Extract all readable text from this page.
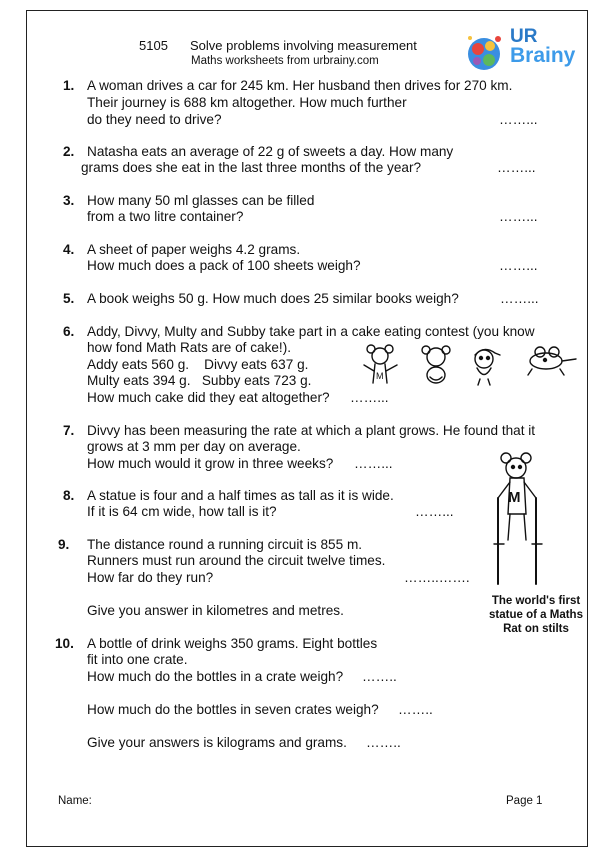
5105 Solve problems involving measurement
Maths worksheets from urbrainy.com
UR
Brainy
1. A woman drives a car for 245 km. Her husband then drives for 270 km.
Their journey is 688 km altogether. How much further
do they need to drive?	……...
2. Natasha eats an average of 22 g of sweets a day. How many
grams does she eat in the last three months of the year?	……...
3. How many 50 ml glasses can be filled
from a two litre container?	……...
4. A sheet of paper weighs 4.2 grams.
How much does a pack of 100 sheets weigh?	……...
5. A book weighs 50 g. How much does 25 similar books weigh?	……...
6. Addy, Divvy, Multy and Subby take part in a cake eating contest (you know
how fond Math Rats are of cake!).
Addy eats 560 g.    Divvy eats 637 g.
Multy eats 394 g.   Subby eats 723 g.
How much cake did they eat altogether? ……...
M
7. Divvy has been measuring the rate at which a plant grows. He found that it
grows at 3 mm per day on average.
How much would it grow in three weeks? ……...
8. A statue is four and a half times as tall as it is wide.
If it is 64 cm wide, how tall is it?	……...
9. The distance round a running circuit is 855 m.
Runners must run around the circuit twelve times.
How far do they run?	……..…….
Give you answer in kilometres and metres.
M
The world's first
statue of a Maths
Rat on stilts
10. A bottle of drink weighs 350 grams. Eight bottles
fit into one crate.
How much do the bottles in a crate weigh? ……..
How much do the bottles in seven crates weigh? ……..
Give your answers is kilograms and grams. ……..
Name:	Page 1
